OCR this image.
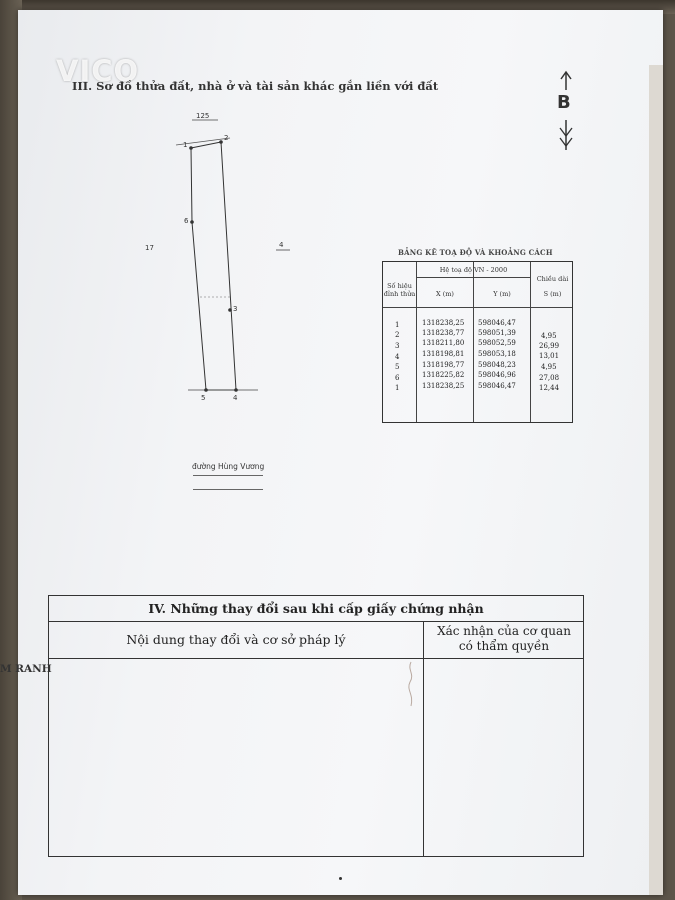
VICO
III. Sơ đồ thửa đất, nhà ở và tài sản khác gắn liền với đất
B
125
17	4
1
2
3
4
5
6
đường Hùng Vương
BẢNG KÊ TOẠ ĐỘ VÀ KHOẢNG CÁCH
Hệ toạ độ VN - 2000
Số hiệu đỉnh thửa	X (m)	Y (m)
Chiều dài
S (m)
1	1318238,25 598046,47
2	1318238,77 598051,39	4,95
3	1318211,80 598052,59	26,99
4	1318198,81 598053,18	13,01
5	1318198,77 598048,23	4,95
6	1318225,82 598046,96	27,08
1	1318238,25 598046,47	12,44
IV. Những thay đổi sau khi cấp giấy chứng nhận
Nội dung thay đổi và cơ sở pháp lý
Xác nhận của cơ quan
có thẩm quyền
M RANH
